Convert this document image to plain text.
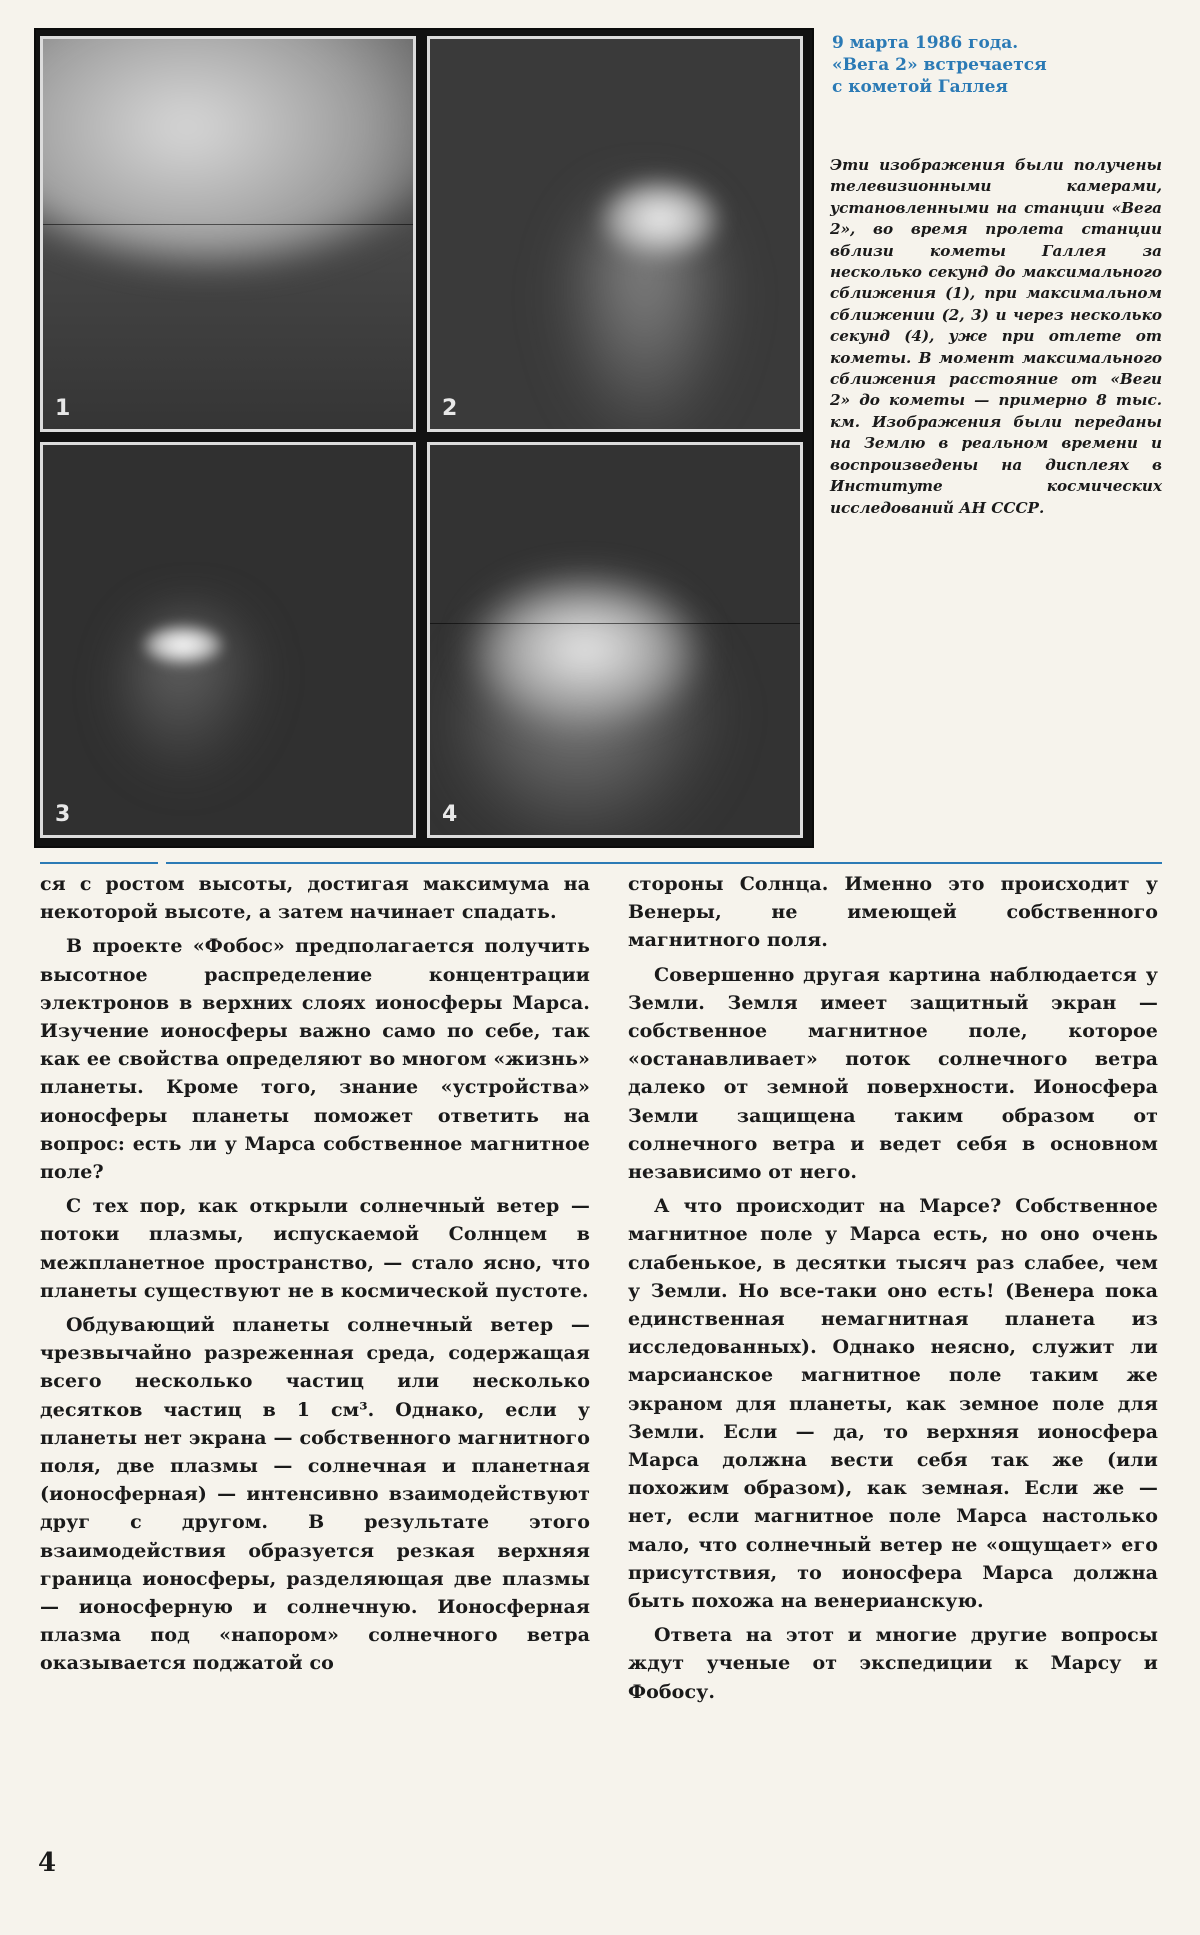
1	2
3	4
9 марта 1986 года.
«Вега 2» встречается
с кометой Галлея
Эти изображения были получены телевизионными камерами, установленными на станции «Вега 2», во время пролета станции вблизи кометы Галлея за несколько секунд до максимального сближения (1), при максимальном сближении (2, 3) и через несколько секунд (4), уже при отлете от кометы. В момент максимального сближения расстояние от «Веги 2» до кометы — примерно 8 тыс. км. Изображения были переданы на Землю в реальном времени и воспроизведены на дисплеях в Институте космических исследований АН СССР.

ся с ростом высоты, достигая максимума на некоторой высоте, а затем начинает спадать.

В проекте «Фобос» предполагается получить высотное распределение концентрации электронов в верхних слоях ионосферы Марса. Изучение ионосферы важно само по себе, так как ее свойства определяют во многом «жизнь» планеты. Кроме того, знание «устройства» ионосферы планеты поможет ответить на вопрос: есть ли у Марса собственное магнитное поле?

С тех пор, как открыли солнечный ветер — потоки плазмы, испускаемой Солнцем в межпланетное пространство, — стало ясно, что планеты существуют не в космической пустоте.

Обдувающий планеты солнечный ветер — чрезвычайно разреженная среда, содержащая всего несколько частиц или несколько десятков частиц в 1 см³. Однако, если у планеты нет экрана — собственного магнитного поля, две плазмы — солнечная и планетная (ионосферная) — интенсивно взаимодействуют друг с другом. В результате этого взаимодействия образуется резкая верхняя граница ионосферы, разделяющая две плазмы — ионосферную и солнечную. Ионосферная плазма под «напором» солнечного ветра оказывается поджатой со

стороны Солнца. Именно это происходит у Венеры, не имеющей собственного магнитного поля.

Совершенно другая картина наблюдается у Земли. Земля имеет защитный экран — собственное магнитное поле, которое «останавливает» поток солнечного ветра далеко от земной поверхности. Ионосфера Земли защищена таким образом от солнечного ветра и ведет себя в основном независимо от него.

А что происходит на Марсе? Собственное магнитное поле у Марса есть, но оно очень слабенькое, в десятки тысяч раз слабее, чем у Земли. Но все-таки оно есть! (Венера пока единственная немагнитная планета из исследованных). Однако неясно, служит ли марсианское магнитное поле таким же экраном для планеты, как земное поле для Земли. Если — да, то верхняя ионосфера Марса должна вести себя так же (или похожим образом), как земная. Если же — нет, если магнитное поле Марса настолько мало, что солнечный ветер не «ощущает» его присутствия, то ионосфера Марса должна быть похожа на венерианскую.

Ответа на этот и многие другие вопросы ждут ученые от экспедиции к Марсу и Фобосу.

4
